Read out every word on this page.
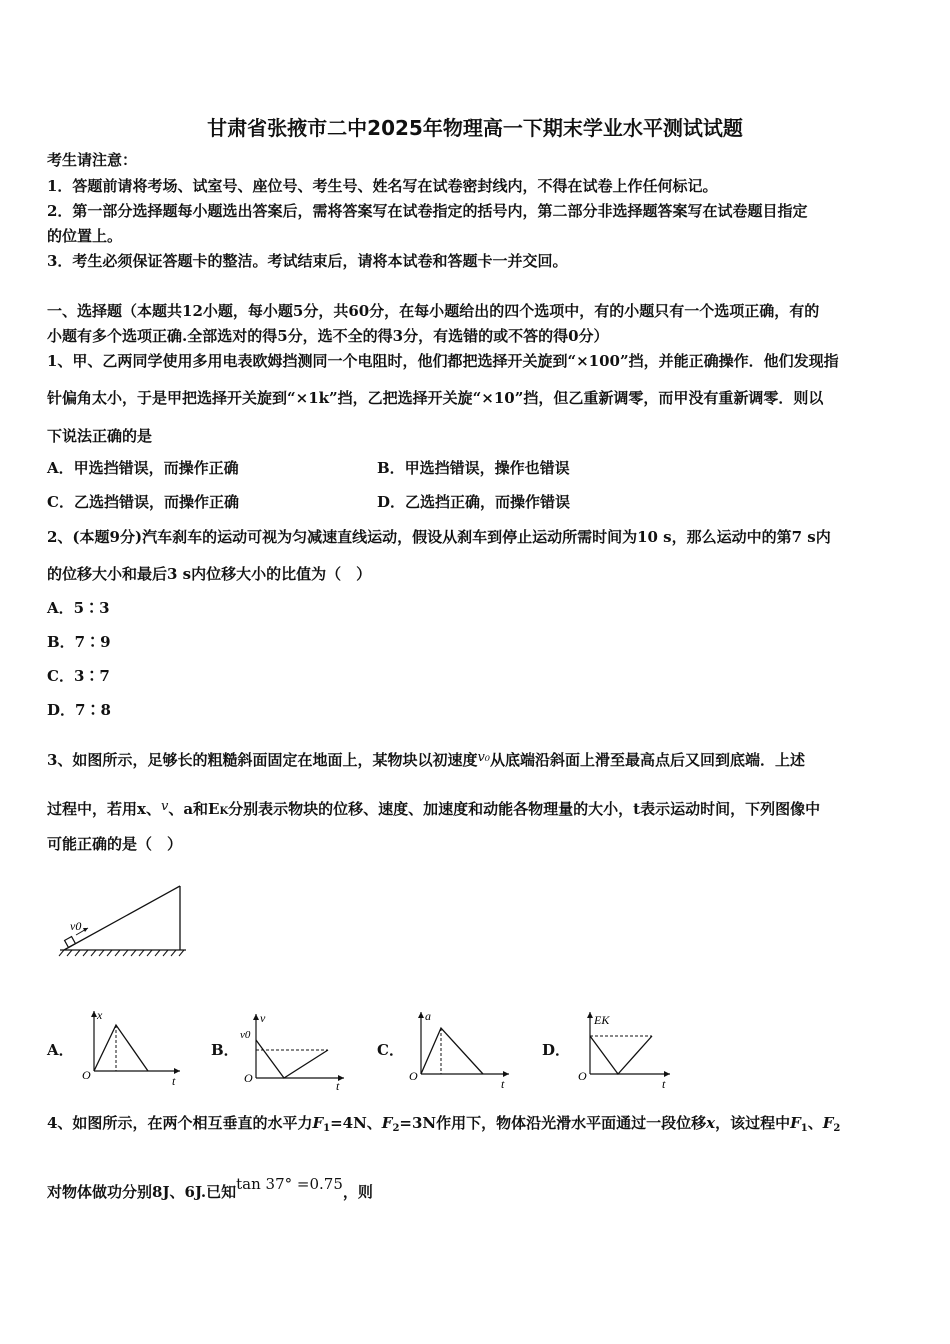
甘肃省张掖市二中2025年物理高一下期末学业水平测试试题
考生请注意：
1．答题前请将考场、试室号、座位号、考生号、姓名写在试卷密封线内，不得在试卷上作任何标记。
2．第一部分选择题每小题选出答案后，需将答案写在试卷指定的括号内，第二部分非选择题答案写在试卷题目指定
的位置上。
3．考生必须保证答题卡的整洁。考试结束后，请将本试卷和答题卡一并交回。
一、选择题（本题共12小题，每小题5分，共60分，在每小题给出的四个选项中，有的小题只有一个选项正确，有的
小题有多个选项正确.全部选对的得5分，选不全的得3分，有选错的或不答的得0分）
1、甲、乙两同学使用多用电表欧姆挡测同一个电阻时，他们都把选择开关旋到“×100”挡，并能正确操作．他们发现指
针偏角太小，于是甲把选择开关旋到“×1k”挡，乙把选择开关旋“×10”挡，但乙重新调零，而甲没有重新调零．则以
下说法正确的是
A．甲选挡错误，而操作正确	B．甲选挡错误，操作也错误
C．乙选挡错误，而操作正确	D．乙选挡正确，而操作错误
2、(本题9分)汽车刹车的运动可视为匀减速直线运动，假设从刹车到停止运动所需时间为10 s，那么运动中的第7 s内
的位移大小和最后3 s内位移大小的比值为（　）
A．5∶3
B．7∶9
C．3∶7
D．7∶8
3、如图所示，足够长的粗糙斜面固定在地面上，某物块以初速度v₀从底端沿斜面上滑至最高点后又回到底端．上述
过程中，若用x、v、a和EK分别表示物块的位移、速度、加速度和动能各物理量的大小，t表示运动时间，下列图像中
可能正确的是（　）
v0
A．
x
t
O
B．
v
v0
t
O
C．
a
t
O
D．
EK
t
O
4、如图所示，在两个相互垂直的水平力$F_1=4N$、$F_2=3N$作用下，物体沿光滑水平面通过一段位移x，该过程中$F_1$、$F_2$
对物体做功分别8J、6J.已知tan 37° =0.75，则
